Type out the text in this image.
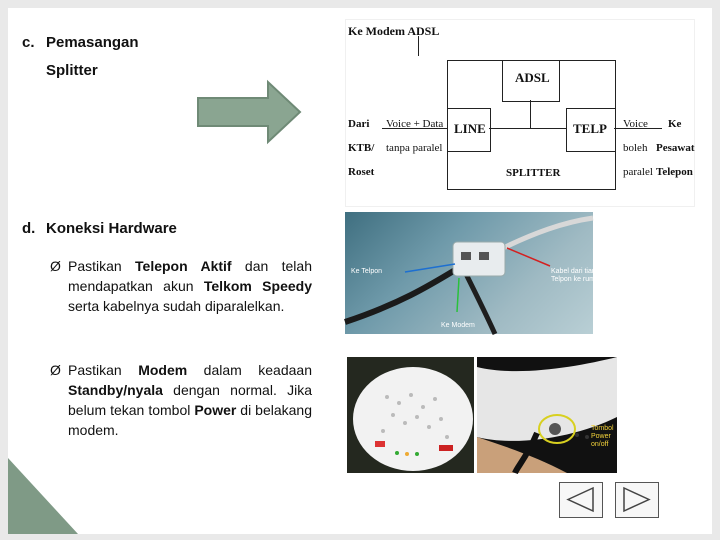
c. Pemasangan
Splitter
d. Koneksi Hardware
Ø Pastikan Telepon Aktif dan telah mendapatkan akun Telkom Speedy serta kabelnya sudah diparalelkan.
Ø Pastikan Modem dalam keadaan Standby/nyala dengan normal. Jika belum tekan tombol Power di belakang modem.
Ke Modem ADSL
ADSL
LINE	TELP
SPLITTER
Dari
KTB/
Roset
Voice + Data
tanpa paralel
Voice
boleh
paralel
Ke
Pesawat
Telepon
Ke Telpon	Kabel dari tiang
Telpon ke rumah
Ke Modem
Tombol
Power
on/off
